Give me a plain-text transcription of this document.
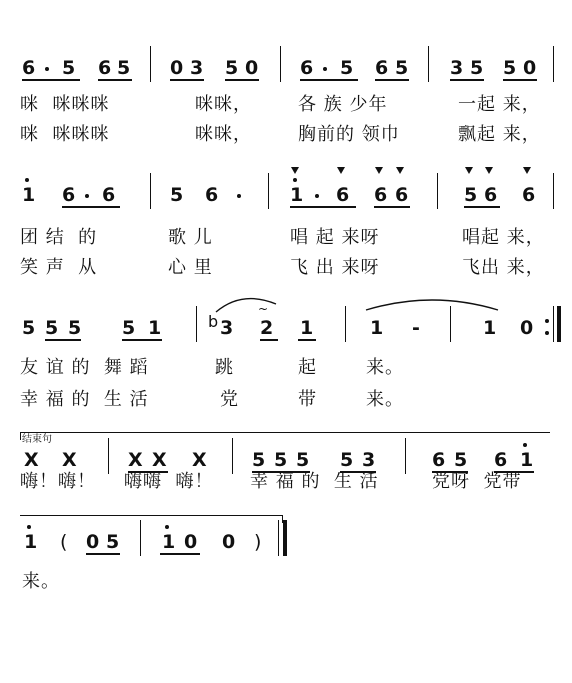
6 5 6 5 0 3 5 0 6 5 6 5 3 5 5 0
咪  咪咪咪	咪咪，	各 族 少年	一起 来，
咪  咪咪咪	咪咪，	胸前的 领巾	飘起 来，
1 6 6	5 6	1 6 6 6	5 6 6
团 结  的	歌 儿	唱 起 来呀	唱起 来，
笑 声  从	心 里	飞 出 来呀	飞出 来，
5 5 5 5 1	b 3
~
2 1	1 -	1 0
友 谊 的  舞 蹈	跳	起	来。
幸 福 的  生 活	党	带	来。
结束句
X X	X X X 5 5 5 5 3	6 5 6 1
嗨！嗨！ 嗨嗨  嗨！ 幸 福 的  生 活	党呀  党带
1 ( 0 5 1 0 0 )
来。
